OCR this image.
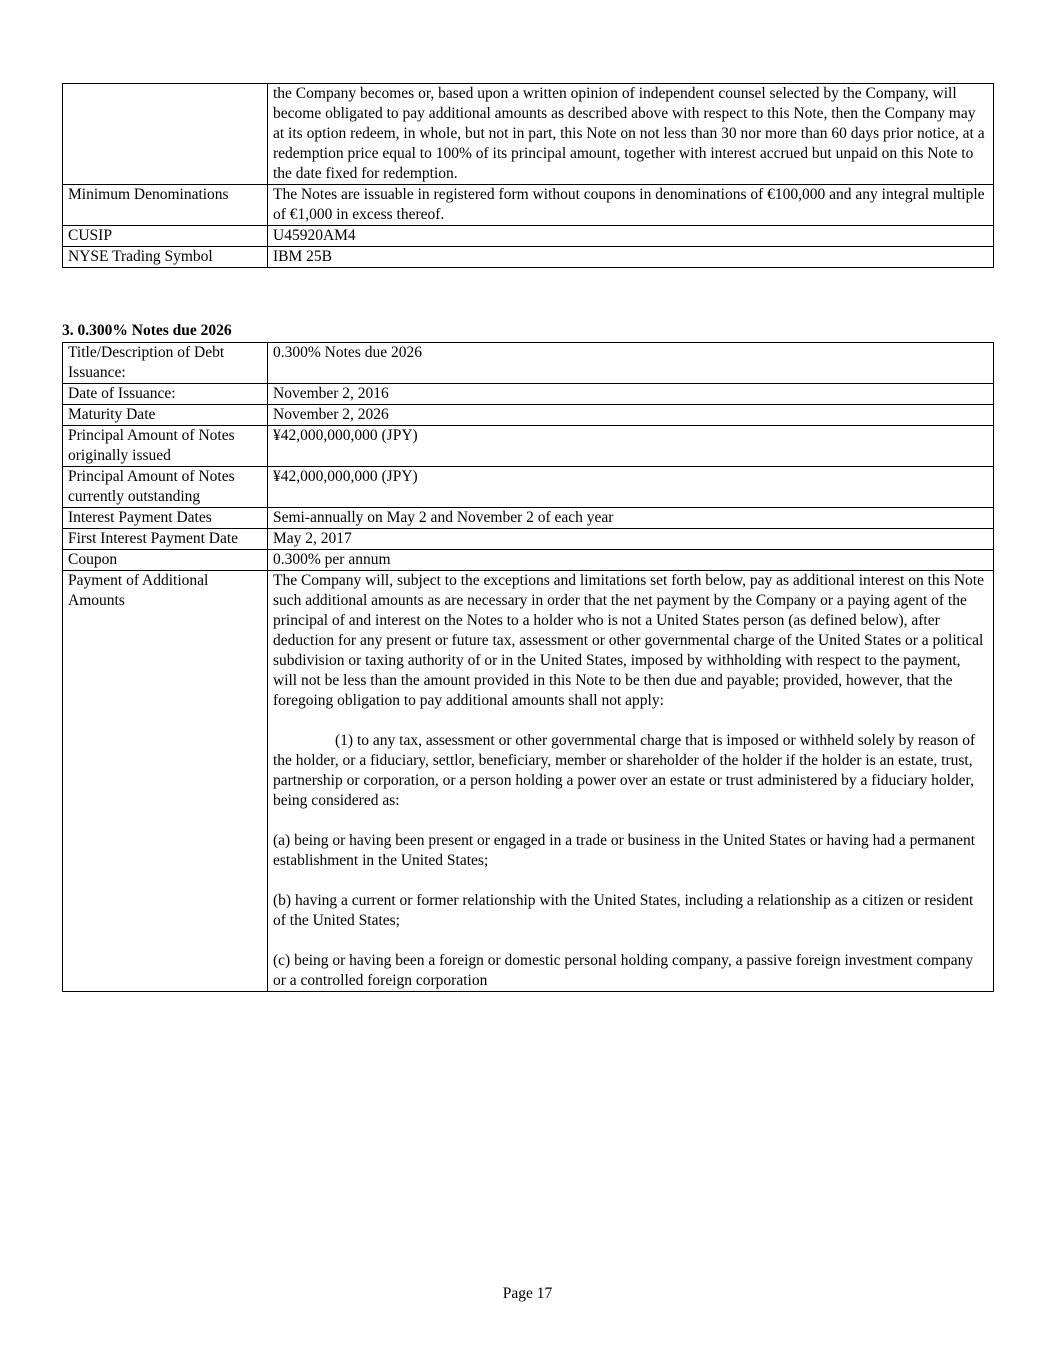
	the Company becomes or, based upon a written opinion of independent counsel selected by the Company, will become obligated to pay additional amounts as described above with respect to this Note, then the Company may at its option redeem, in whole, but not in part, this Note on not less than 30 nor more than 60 days prior notice, at a redemption price equal to 100% of its principal amount, together with interest accrued but unpaid on this Note to the date fixed for redemption.
Minimum Denominations	The Notes are issuable in registered form without coupons in denominations of €100,000 and any integral multiple of €1,000 in excess thereof.
CUSIP	U45920AM4
NYSE Trading Symbol	IBM 25B

3. 0.300% Notes due 2026

Title/Description of Debt Issuance:	0.300% Notes due 2026
Date of Issuance:	November 2, 2016
Maturity Date	November 2, 2026
Principal Amount of Notes originally issued	¥42,000,000,000 (JPY)
Principal Amount of Notes currently outstanding	¥42,000,000,000 (JPY)
Interest Payment Dates	Semi-annually on May 2 and November 2 of each year
First Interest Payment Date	May 2, 2017
Coupon	0.300% per annum
Payment of Additional Amounts	The Company will, subject to the exceptions and limitations set forth below, pay as additional interest on this Note such additional amounts as are necessary in order that the net payment by the Company or a paying agent of the principal of and interest on the Notes to a holder who is not a United States person (as defined below), after deduction for any present or future tax, assessment or other governmental charge of the United States or a political subdivision or taxing authority of or in the United States, imposed by withholding with respect to the payment, will not be less than the amount provided in this Note to be then due and payable; provided, however, that the foregoing obligation to pay additional amounts shall not apply:

(1) to any tax, assessment or other governmental charge that is imposed or withheld solely by reason of the holder, or a fiduciary, settlor, beneficiary, member or shareholder of the holder if the holder is an estate, trust, partnership or corporation, or a person holding a power over an estate or trust administered by a fiduciary holder, being considered as:

(a) being or having been present or engaged in a trade or business in the United States or having had a permanent establishment in the United States;

(b) having a current or former relationship with the United States, including a relationship as a citizen or resident of the United States;

(c) being or having been a foreign or domestic personal holding company, a passive foreign investment company or a controlled foreign corporation

Page 17
